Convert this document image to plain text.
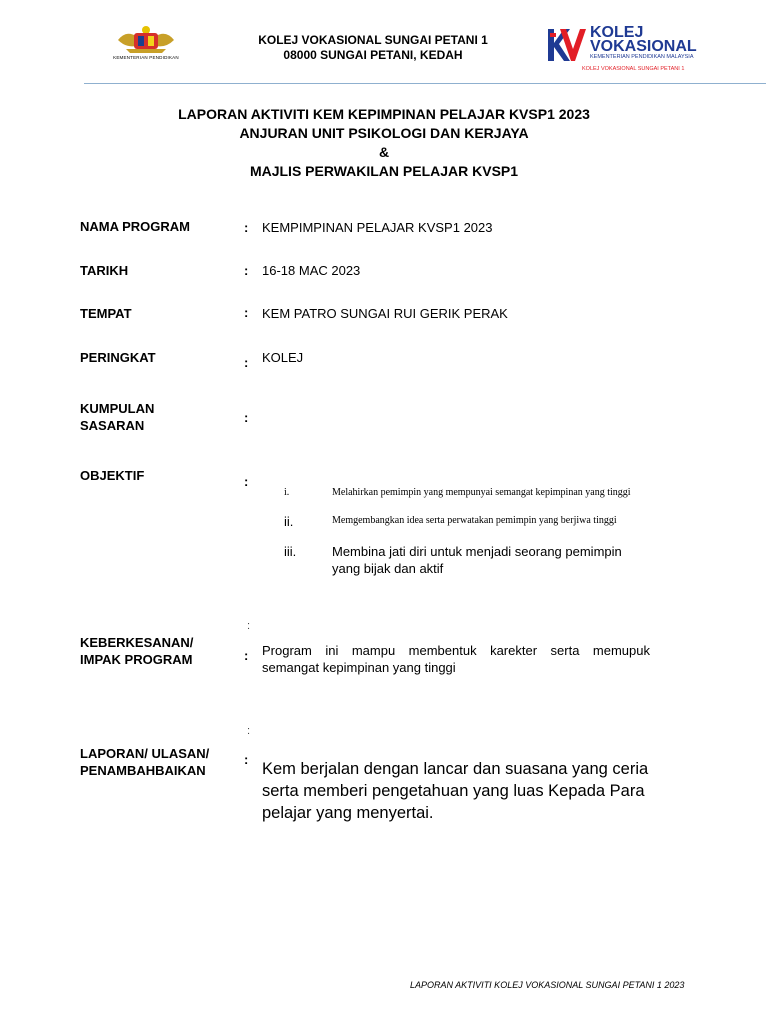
KEMENTERIAN PENDIDIKAN
KOLEJ VOKASIONAL SUNGAI PETANI 1
08000 SUNGAI PETANI, KEDAH
KOLEJ
VOKASIONAL
KEMENTERIAN PENDIDIKAN MALAYSIA
KOLEJ VOKASIONAL SUNGAI PETANI 1
LAPORAN AKTIVITI KEM KEPIMPINAN PELAJAR KVSP1 2023
ANJURAN UNIT PSIKOLOGI DAN KERJAYA
&
MAJLIS PERWAKILAN PELAJAR KVSP1
NAMA PROGRAM	: KEMPIMPINAN PELAJAR KVSP1 2023
TARIKH	: 16-18 MAC 2023
TEMPAT	: KEM PATRO SUNGAI RUI GERIK PERAK
PERINGKAT	: KOLEJ
KUMPULAN
SASARAN
:
OBJEKTIF	:
i.	Melahirkan pemimpin yang mempunyai semangat kepimpinan yang tinggi
ii.	Memgembangkan idea serta perwatakan pemimpin yang berjiwa tinggi
iii.	Membina jati diri untuk menjadi seorang pemimpin yang bijak dan aktif
:
KEBERKESANAN/
IMPAK PROGRAM	: Program ini mampu membentuk karekter serta memupuk semangat kepimpinan yang tinggi
:
LAPORAN/ ULASAN/
PENAMBAHBAIKAN
:
Kem berjalan dengan lancar dan suasana yang ceria serta memberi pengetahuan yang luas Kepada Para pelajar yang menyertai.
LAPORAN AKTIVITI KOLEJ VOKASIONAL SUNGAI PETANI 1 2023
